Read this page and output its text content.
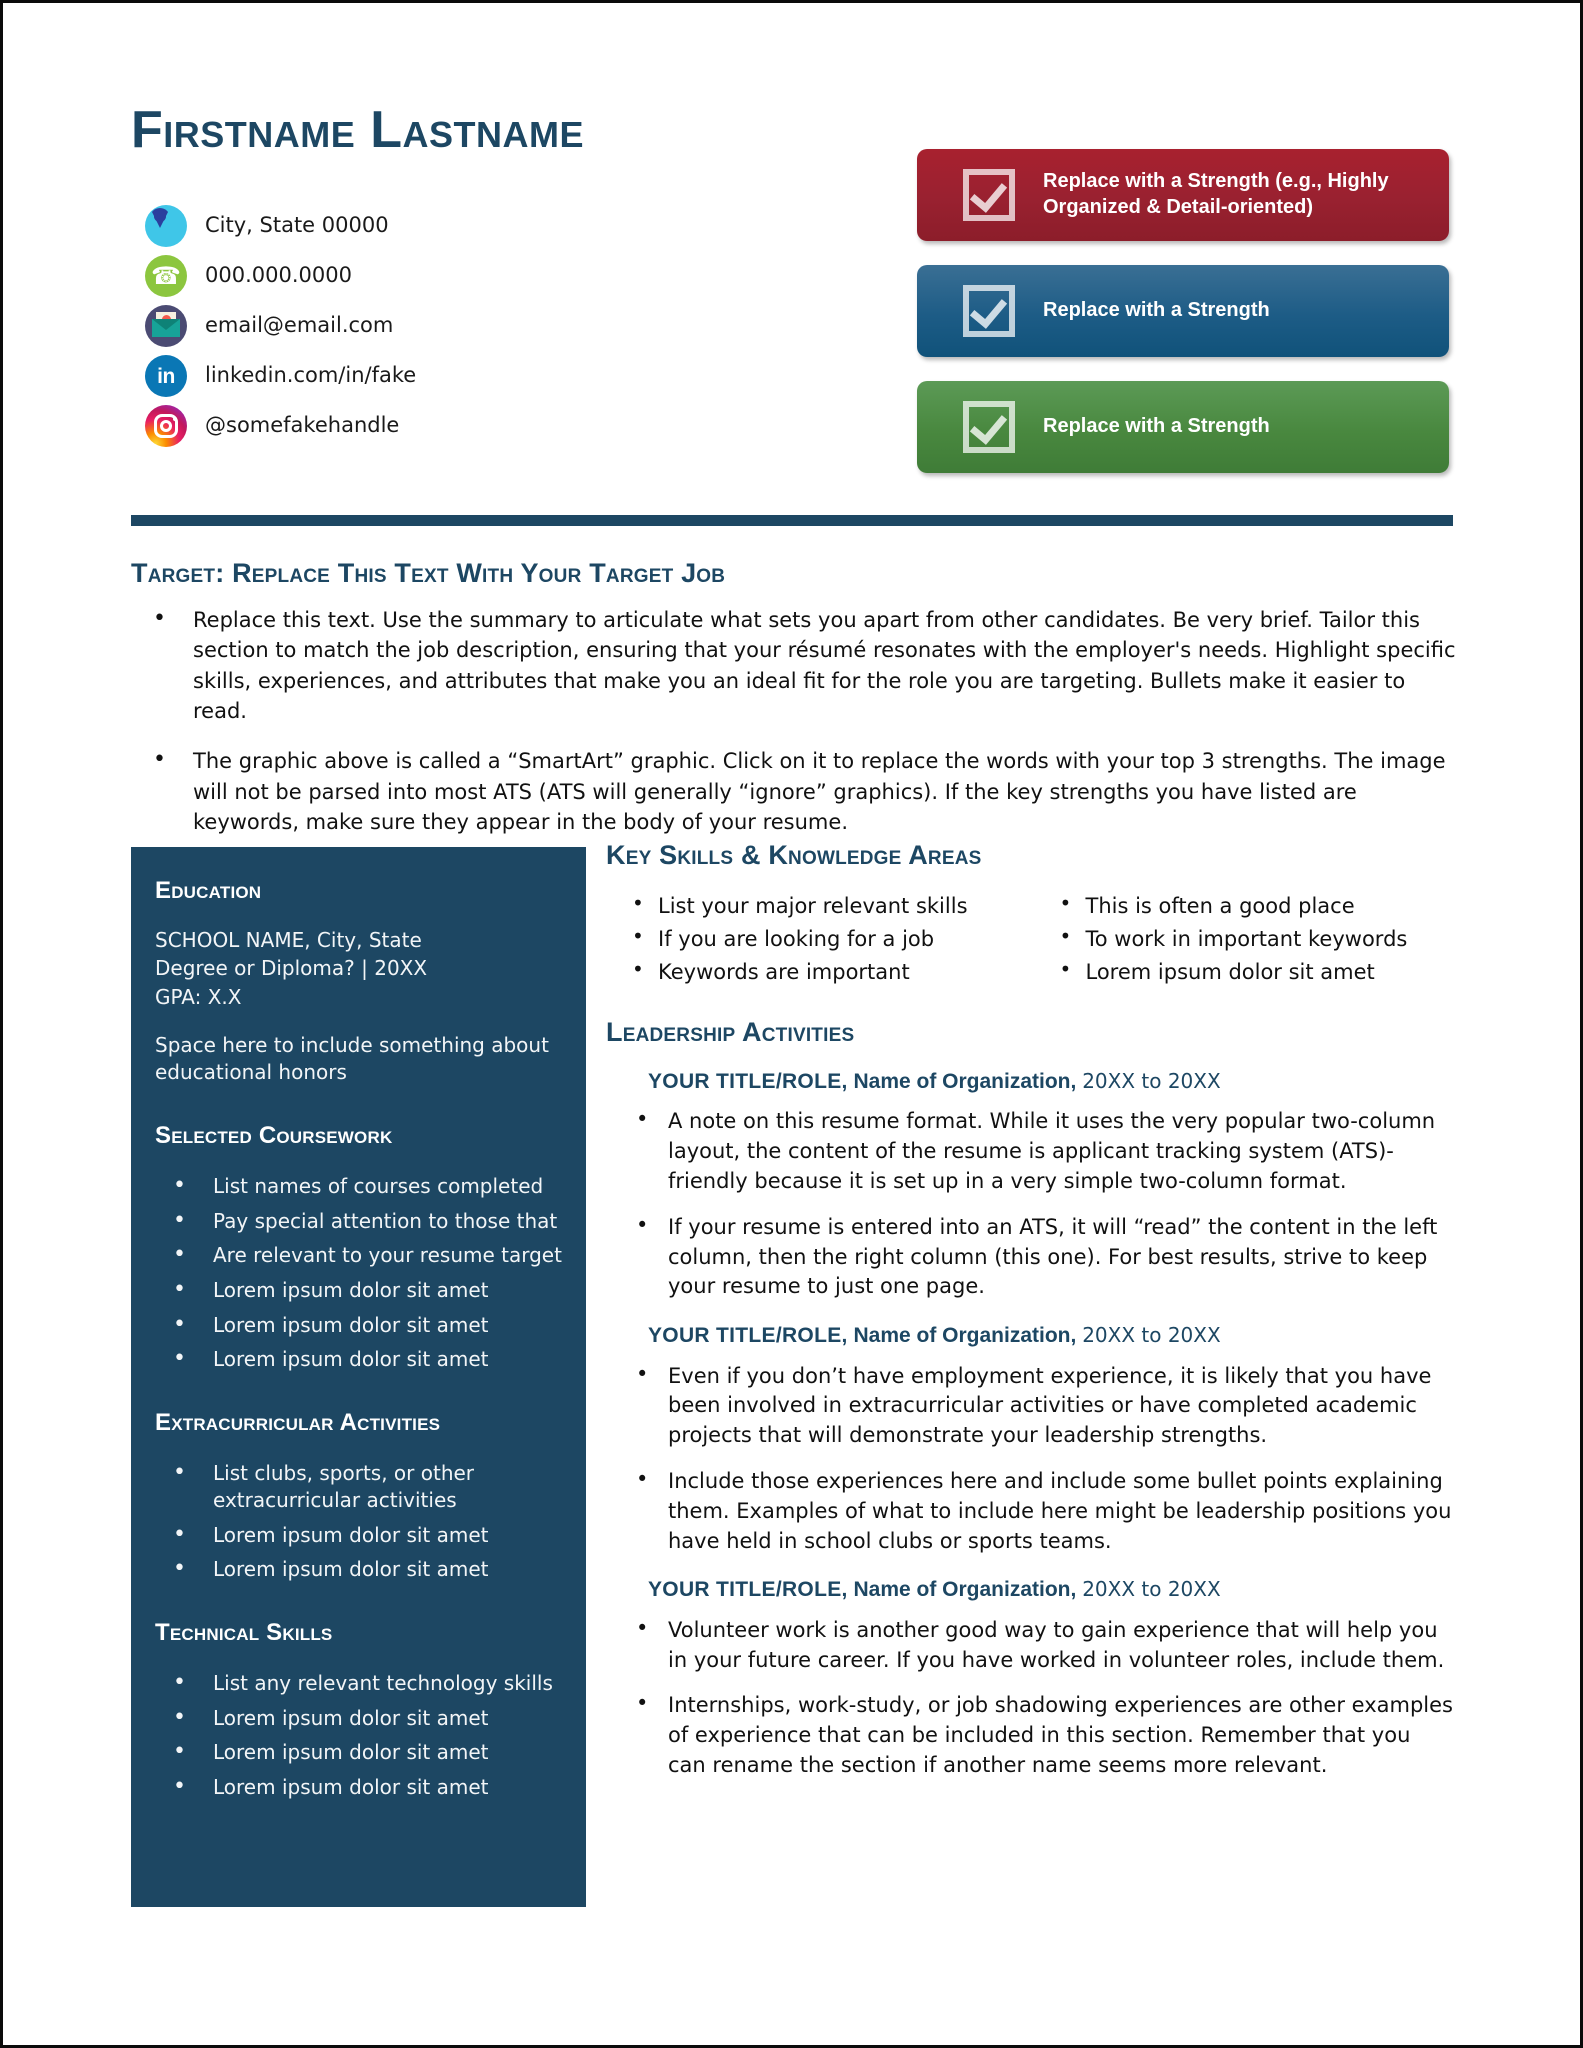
Firstname Lastname
City, State 00000
☎ 000.000.0000
email@email.com
in	linkedin.com/in/fake
@somefakehandle
Replace with a Strength (e.g., Highly Organized & Detail-oriented)
Replace with a Strength
Replace with a Strength
Target: Replace This Text With Your Target Job
• Replace this text. Use the summary to articulate what sets you apart from other candidates. Be very brief. Tailor this section to match the job description, ensuring that your résumé resonates with the employer's needs. Highlight specific skills, experiences, and attributes that make you an ideal fit for the role you are targeting. Bullets make it easier to read.
• The graphic above is called a “SmartArt” graphic. Click on it to replace the words with your top 3 strengths. The image will not be parsed into most ATS (ATS will generally “ignore” graphics). If the key strengths you have listed are keywords, make sure they appear in the body of your resume.
Education
SCHOOL NAME, City, State
Degree or Diploma? | 20XX
GPA: X.X
Space here to include something about educational honors
Selected Coursework
• List names of courses completed
• Pay special attention to those that
• Are relevant to your resume target
• Lorem ipsum dolor sit amet
• Lorem ipsum dolor sit amet
• Lorem ipsum dolor sit amet
Extracurricular Activities
• List clubs, sports, or other extracurricular activities
• Lorem ipsum dolor sit amet
• Lorem ipsum dolor sit amet
Technical Skills
• List any relevant technology skills
• Lorem ipsum dolor sit amet
• Lorem ipsum dolor sit amet
• Lorem ipsum dolor sit amet
Key Skills & Knowledge Areas
• List your major relevant skills
• If you are looking for a job
• Keywords are important
• This is often a good place
• To work in important keywords
• Lorem ipsum dolor sit amet
Leadership Activities
YOUR TITLE/ROLE, Name of Organization, 20XX to 20XX
• A note on this resume format. While it uses the very popular two-column layout, the content of the resume is applicant tracking system (ATS)-friendly because it is set up in a very simple two-column format.
• If your resume is entered into an ATS, it will “read” the content in the left column, then the right column (this one). For best results, strive to keep your resume to just one page.
YOUR TITLE/ROLE, Name of Organization, 20XX to 20XX
• Even if you don’t have employment experience, it is likely that you have been involved in extracurricular activities or have completed academic projects that will demonstrate your leadership strengths.
• Include those experiences here and include some bullet points explaining them. Examples of what to include here might be leadership positions you have held in school clubs or sports teams.
YOUR TITLE/ROLE, Name of Organization, 20XX to 20XX
• Volunteer work is another good way to gain experience that will help you in your future career. If you have worked in volunteer roles, include them.
• Internships, work-study, or job shadowing experiences are other examples of experience that can be included in this section. Remember that you can rename the section if another name seems more relevant.
